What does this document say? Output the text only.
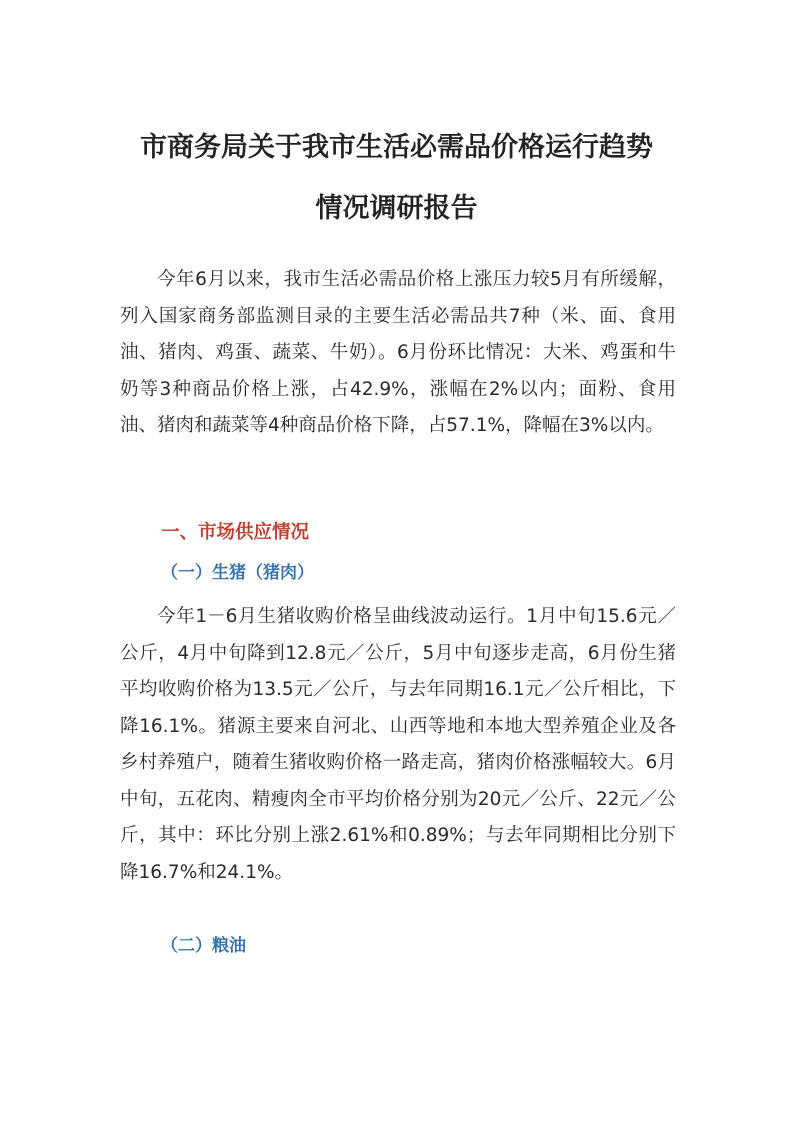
市商务局关于我市生活必需品价格运行趋势
情况调研报告

今年6月以来，我市生活必需品价格上涨压力较5月有所缓解，列入国家商务部监测目录的主要生活必需品共7种（米、面、食用油、猪肉、鸡蛋、蔬菜、牛奶）。6月份环比情况：大米、鸡蛋和牛奶等3种商品价格上涨，占42.9%，涨幅在2%以内；面粉、食用油、猪肉和蔬菜等4种商品价格下降，占57.1%，降幅在3%以内。

一、市场供应情况
（一）生猪（猪肉）

今年1－6月生猪收购价格呈曲线波动运行。1月中旬15.6元／公斤，4月中旬降到12.8元／公斤，5月中旬逐步走高，6月份生猪平均收购价格为13.5元／公斤，与去年同期16.1元／公斤相比，下降16.1%。猪源主要来自河北、山西等地和本地大型养殖企业及各乡村养殖户，随着生猪收购价格一路走高，猪肉价格涨幅较大。6月中旬，五花肉、精瘦肉全市平均价格分别为20元／公斤、22元／公斤，其中：环比分别上涨2.61%和0.89%；与去年同期相比分别下降16.7%和24.1%。

（二）粮油
